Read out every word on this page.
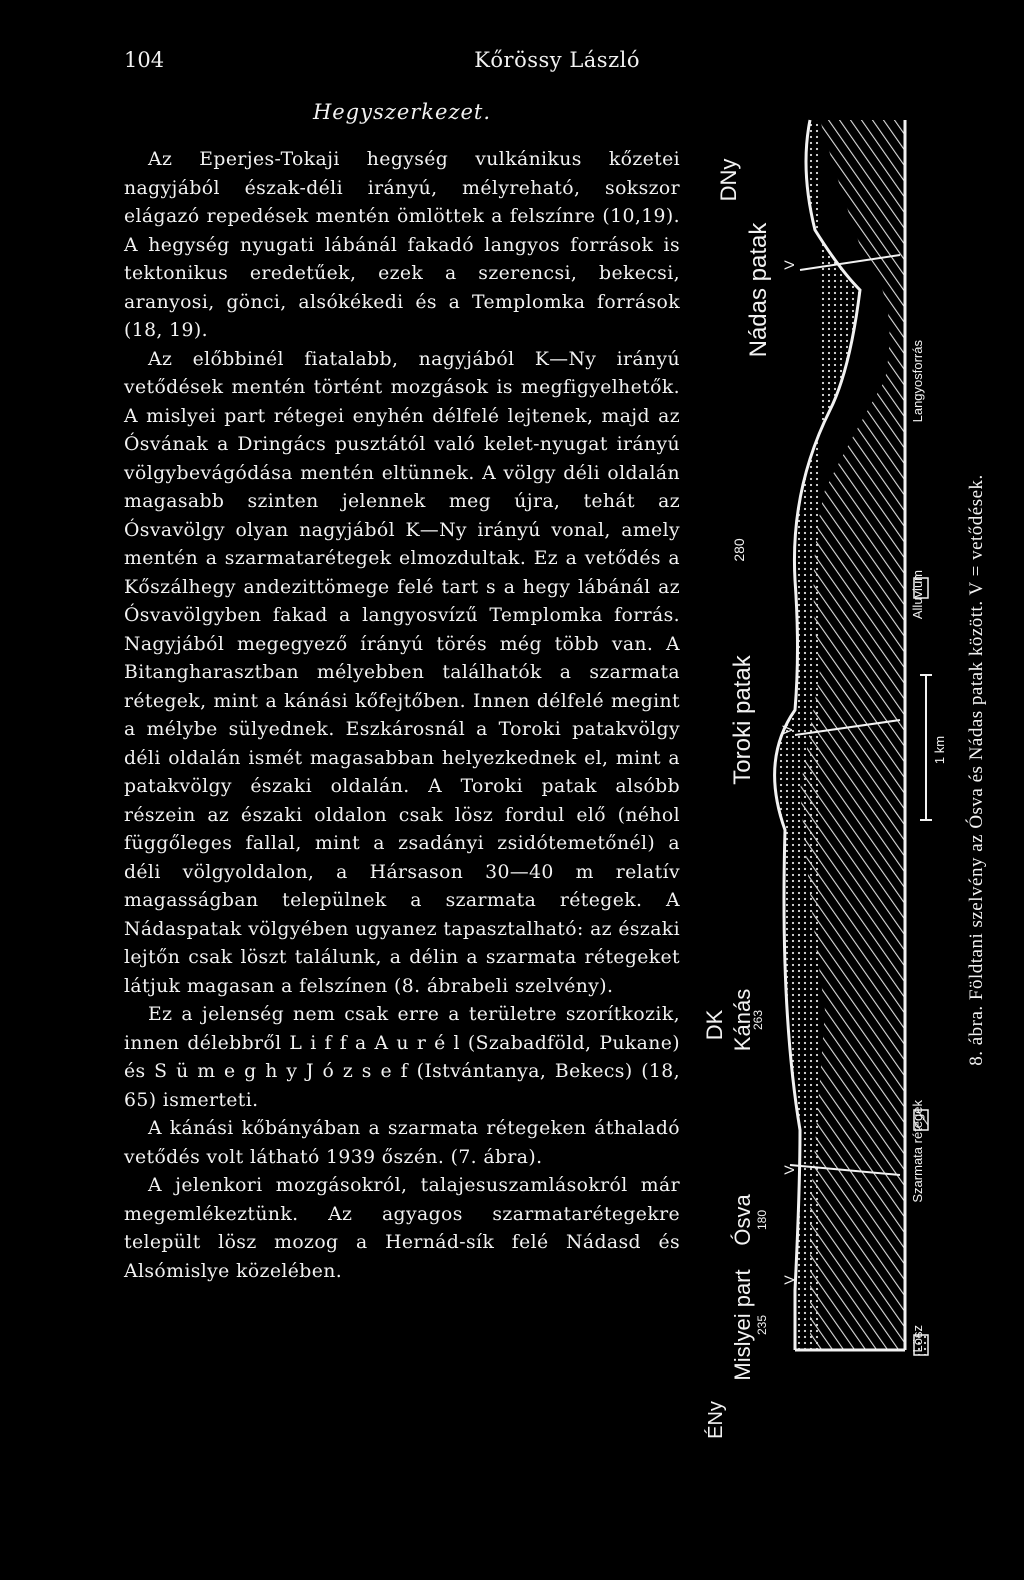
104	Kőrössy László
Hegyszerkezet.

Az Eperjes-Tokaji hegység vulkánikus kőzetei nagyjából észak-déli irányú, mélyreható, sokszor elágazó repedések mentén ömlöttek a felszínre (10,19). A hegység nyugati lábánál fakadó langyos források is tektonikus eredetűek, ezek a szerencsi, bekecsi, aranyosi, gönci, alsókékedi és a Templomka források (18, 19).

Az előbbinél fiatalabb, nagyjából K—Ny irányú vetődések mentén történt mozgások is megfigyelhetők. A mislyei part rétegei enyhén délfelé lejtenek, majd az Ósvának a Dringács pusztától való kelet-nyugat irányú völgybevágódása mentén eltünnek. A völgy déli oldalán magasabb szinten jelennek meg újra, tehát az Ósvavölgy olyan nagyjából K—Ny irányú vonal, amely mentén a szarmatarétegek elmozdultak. Ez a vetődés a Kőszálhegy andezittömege felé tart s a hegy lábánál az Ósvavölgyben fakad a langyosvízű Templomka forrás. Nagyjából megegyező írányú törés még több van. A Bitangharasztban mélyebben találhatók a szarmata rétegek, mint a kánási kőfejtőben. Innen délfelé megint a mélybe sülyednek. Eszkárosnál a Toroki patakvölgy déli oldalán ismét magasabban helyezkednek el, mint a patakvölgy északi oldalán. A Toroki patak alsóbb részein az északi oldalon csak lösz fordul elő (néhol függőleges fallal, mint a zsadányi zsidótemetőnél) a déli völgyoldalon, a Hársason 30—40 m relatív magasságban települnek a szarmata rétegek. A Nádaspatak völgyében ugyanez tapasztalható: az északi lejtőn csak löszt találunk, a délin a szarmata rétegeket látjuk magasan a felszínen (8. ábrabeli szelvény).

Ez a jelenség nem csak erre a területre szorítkozik, innen délebbről L i f f a A u r é l (Szabadföld, Pukane) és S ü m e g h y J ó z s e f (Istvántanya, Bekecs) (18, 65) ismerteti.

A kánási kőbányában a szarmata rétegeken áthaladó vetődés volt látható 1939 őszén. (7. ábra).

A jelenkori mozgásokról, talajesuszamlásokról már megemlékeztünk. Az agyagos szarmatarétegekre települt lösz mozog a Hernád-sík felé Nádasd és Alsómislye közelében.

DNy
Nádas patak
280
V
Toroki patak V
DK Kánás
263
V
Ósva 180
Mislyei part 235
ÉNy
V
Lösz
Szarmata rétegek
Alluvium
Langyosforrás
1 km 8. ábra. Földtani szelvény az Ósva és Nádas patak között. V = vetődések.
